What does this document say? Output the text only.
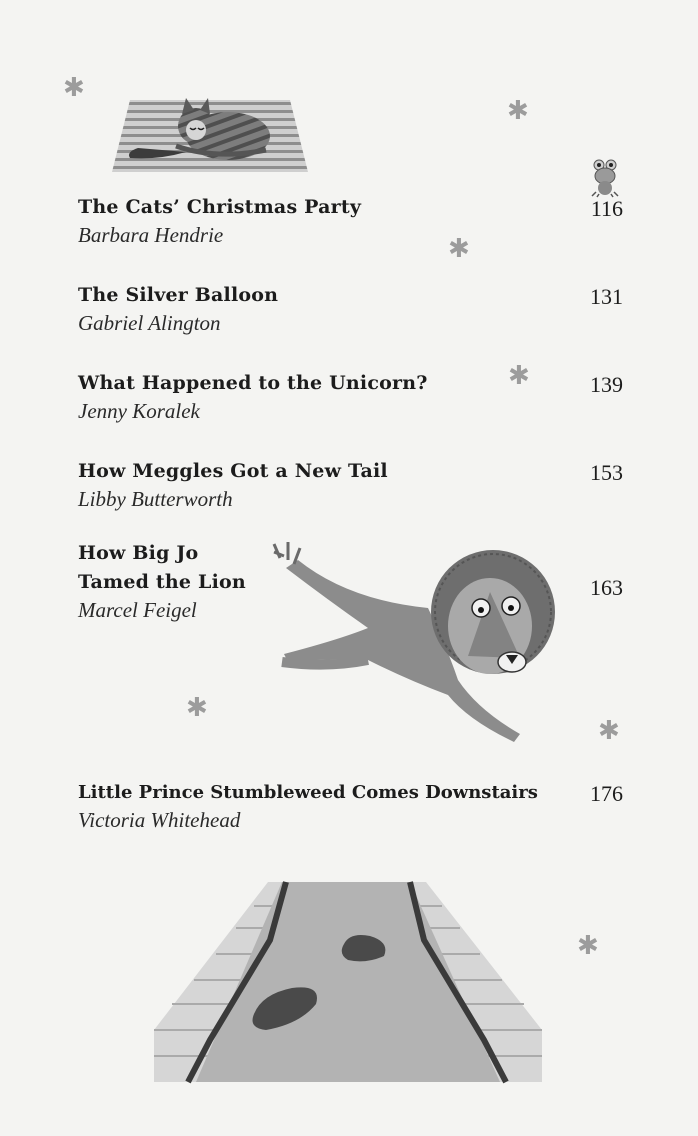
✱
✱
✱
✱
✱
✱
✱
The Cats’ Christmas Party
Barbara Hendrie
116
The Silver Balloon
Gabriel Alington
131
What Happened to the Unicorn?
Jenny Koralek
139
How Meggles Got a New Tail
Libby Butterworth
153
How Big Jo
Tamed the Lion
Marcel Feigel
163
Little Prince Stumbleweed Comes Downstairs
Victoria Whitehead
176
